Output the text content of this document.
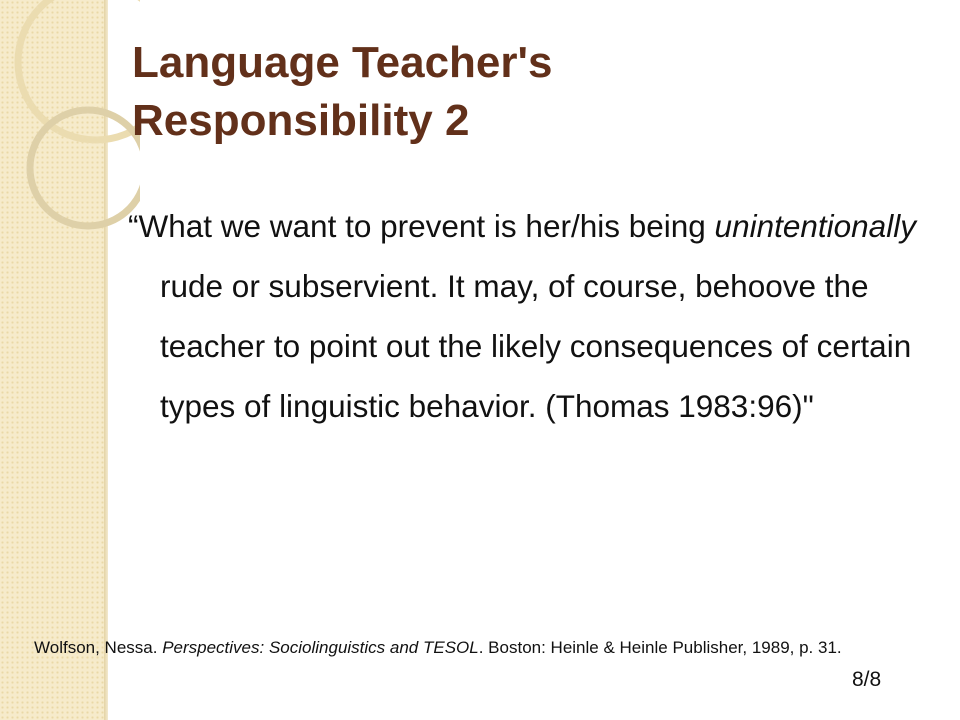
Language Teacher's
Responsibility 2

“What we want to prevent is her/his being unintentionally rude or subservient. It may, of course, behoove the teacher to point out the likely consequences of certain types of linguistic behavior. (Thomas 1983:96)"

Wolfson, Nessa. Perspectives: Sociolinguistics and TESOL. Boston: Heinle & Heinle Publisher, 1989, p. 31.

8/8
